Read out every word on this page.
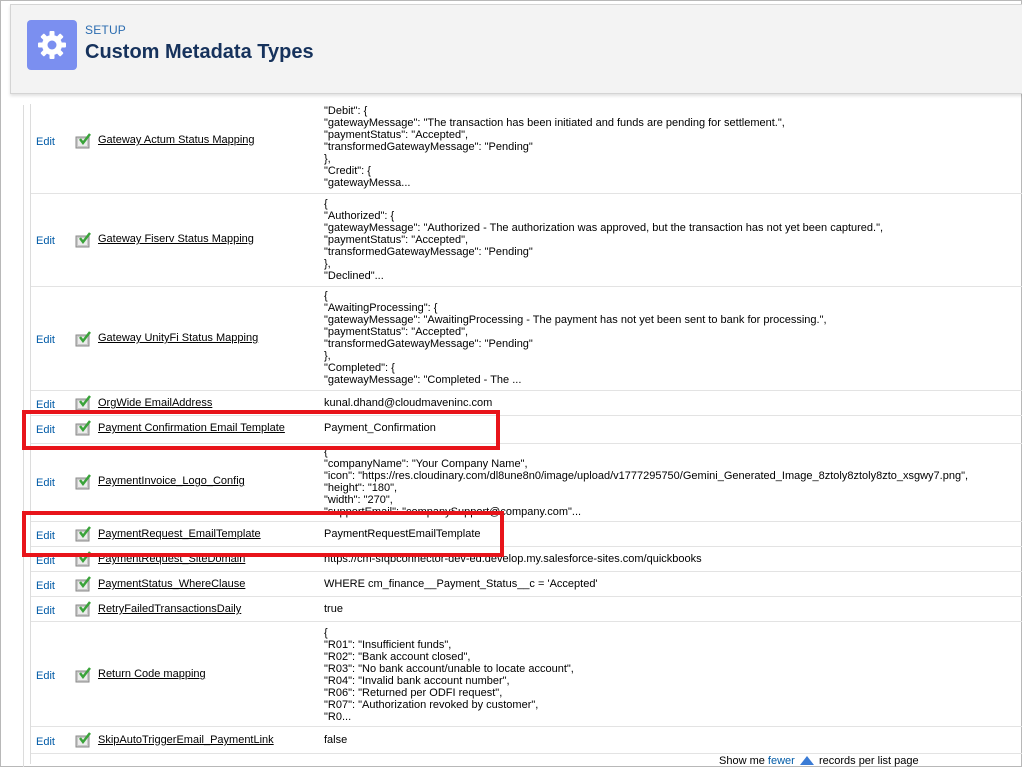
SETUP
Custom Metadata Types
Edit	Gateway Actum Status Mapping
"Debit": {
"gatewayMessage": "The transaction has been initiated and funds are pending for settlement.",
"paymentStatus": "Accepted",
"transformedGatewayMessage": "Pending"
},
"Credit": {
"gatewayMessa...
Edit	Gateway Fiserv Status Mapping
{
"Authorized": {
"gatewayMessage": "Authorized - The authorization was approved, but the transaction has not yet been captured.",
"paymentStatus": "Accepted",
"transformedGatewayMessage": "Pending"
},
"Declined"...
Edit	Gateway UnityFi Status Mapping
{
"AwaitingProcessing": {
"gatewayMessage": "AwaitingProcessing - The payment has not yet been sent to bank for processing.",
"paymentStatus": "Accepted",
"transformedGatewayMessage": "Pending"
},
"Completed": {
"gatewayMessage": "Completed - The ...
Edit	OrgWide EmailAddress	kunal.dhand@cloudmaveninc.com
Edit	Payment Confirmation Email Template	Payment_Confirmation
Edit	PaymentInvoice_Logo_Config
{
"companyName": "Your Company Name",
"icon": "https://res.cloudinary.com/dl8une8n0/image/upload/v1777295750/Gemini_Generated_Image_8ztoly8ztoly8zto_xsgwy7.png",
"height": "180",
"width": "270",
"supportEmail": "companySupport@company.com"...
Edit	PaymentRequest_EmailTemplate	PaymentRequestEmailTemplate
Edit	PaymentRequest_SiteDomain	https://cm-sfqbconnector-dev-ed.develop.my.salesforce-sites.com/quickbooks
Edit	PaymentStatus_WhereClause	WHERE cm_finance__Payment_Status__c = 'Accepted'
Edit	RetryFailedTransactionsDaily	true
Edit	Return Code mapping
{
"R01": "Insufficient funds",
"R02": "Bank account closed",
"R03": "No bank account/unable to locate account",
"R04": "Invalid bank account number",
"R06": "Returned per ODFI request",
"R07": "Authorization revoked by customer",
"R0...
Edit	SkipAutoTriggerEmail_PaymentLink	false
Show me fewer records per list page
